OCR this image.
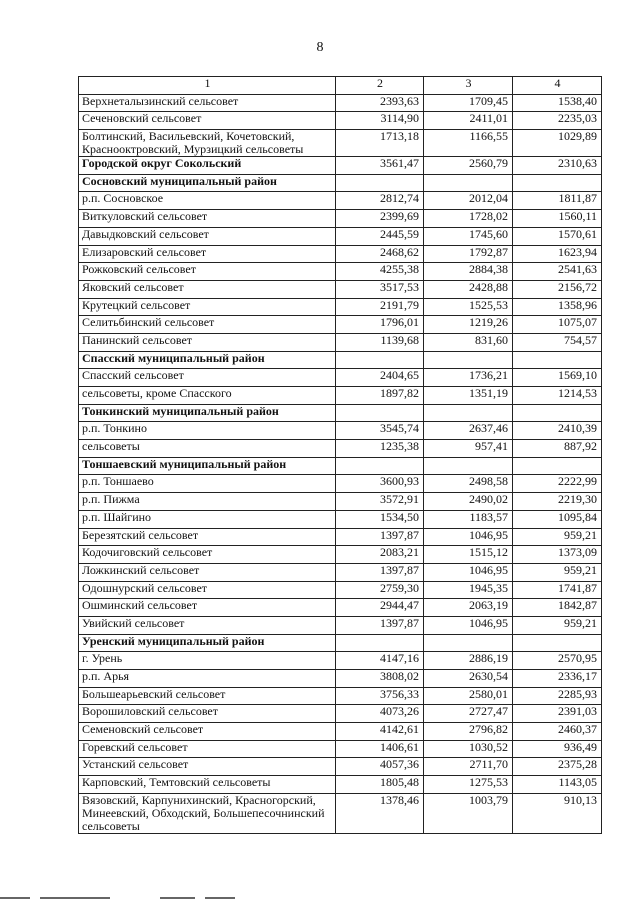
8
1	2	3	4
Верхнеталызинский сельсовет	2393,63	1709,45	1538,40
Сеченовский сельсовет	3114,90	2411,01	2235,03
Болтинский, Васильевский, Кочетовский, Краснооктровский, Мурзицкий сельсоветы	1713,18	1166,55	1029,89
Городской округ Сокольский	3561,47	2560,79	2310,63
Сосновский муниципальный район			
р.п. Сосновское	2812,74	2012,04	1811,87
Виткуловский сельсовет	2399,69	1728,02	1560,11
Давыдковский сельсовет	2445,59	1745,60	1570,61
Елизаровский сельсовет	2468,62	1792,87	1623,94
Рожковский сельсовет	4255,38	2884,38	2541,63
Яковский сельсовет	3517,53	2428,88	2156,72
Крутецкий сельсовет	2191,79	1525,53	1358,96
Селитьбинский сельсовет	1796,01	1219,26	1075,07
Панинский сельсовет	1139,68	831,60	754,57
Спасский муниципальный район			
Спасский сельсовет	2404,65	1736,21	1569,10
сельсоветы, кроме Спасского	1897,82	1351,19	1214,53
Тонкинский муниципальный район			
р.п. Тонкино	3545,74	2637,46	2410,39
сельсоветы	1235,38	957,41	887,92
Тоншаевский муниципальный район			
р.п. Тоншаево	3600,93	2498,58	2222,99
р.п. Пижма	3572,91	2490,02	2219,30
р.п. Шайгино	1534,50	1183,57	1095,84
Березятский сельсовет	1397,87	1046,95	959,21
Кодочиговский сельсовет	2083,21	1515,12	1373,09
Ложкинский сельсовет	1397,87	1046,95	959,21
Одошнурский сельсовет	2759,30	1945,35	1741,87
Ошминский сельсовет	2944,47	2063,19	1842,87
Увийский сельсовет	1397,87	1046,95	959,21
Уренский муниципальный район			
г. Урень	4147,16	2886,19	2570,95
р.п. Арья	3808,02	2630,54	2336,17
Большеарьевский сельсовет	3756,33	2580,01	2285,93
Ворошиловский сельсовет	4073,26	2727,47	2391,03
Семеновский сельсовет	4142,61	2796,82	2460,37
Горевский сельсовет	1406,61	1030,52	936,49
Устанский сельсовет	4057,36	2711,70	2375,28
Карповский, Темтовский сельсоветы	1805,48	1275,53	1143,05
Вязовский, Карпунихинский, Красногорский, Минеевский, Обходский, Большепесочнинский сельсоветы	1378,46	1003,79	910,13
